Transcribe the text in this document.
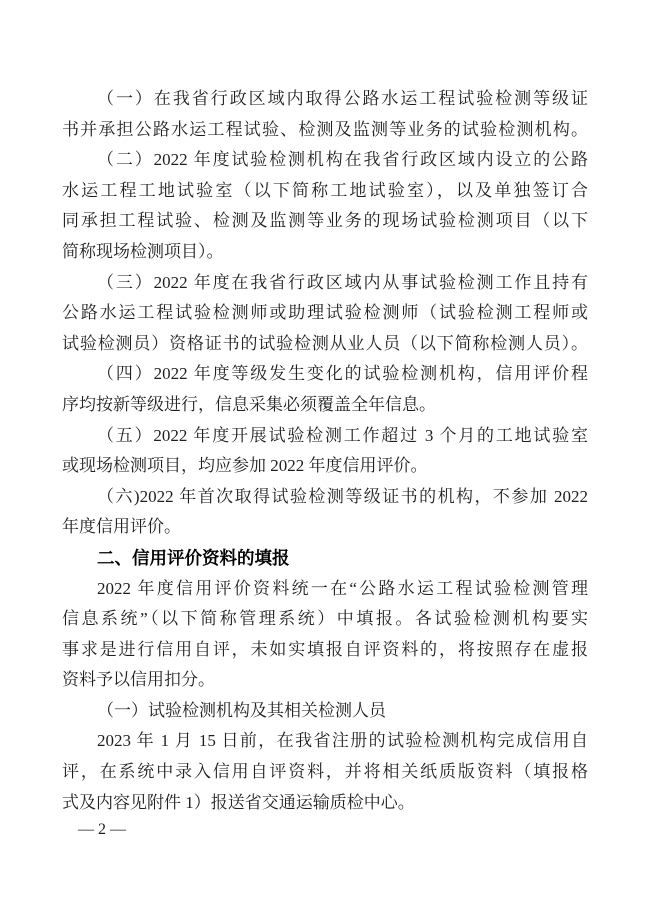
（一）在我省行政区域内取得公路水运工程试验检测等级证
书并承担公路水运工程试验、检测及监测等业务的试验检测机构。
（二）2022 年度试验检测机构在我省行政区域内设立的公路
水运工程工地试验室（以下简称工地试验室），以及单独签订合
同承担工程试验、检测及监测等业务的现场试验检测项目（以下
简称现场检测项目）。
（三）2022 年度在我省行政区域内从事试验检测工作且持有
公路水运工程试验检测师或助理试验检测师（试验检测工程师或
试验检测员）资格证书的试验检测从业人员（以下简称检测人员）。
（四）2022 年度等级发生变化的试验检测机构，信用评价程
序均按新等级进行，信息采集必须覆盖全年信息。
（五）2022 年度开展试验检测工作超过 3 个月的工地试验室
或现场检测项目，均应参加 2022 年度信用评价。
（六)2022 年首次取得试验检测等级证书的机构，不参加 2022
年度信用评价。
二、信用评价资料的填报
2022 年度信用评价资料统一在“公路水运工程试验检测管理
信息系统”（以下简称管理系统）中填报。各试验检测机构要实
事求是进行信用自评，未如实填报自评资料的，将按照存在虚报
资料予以信用扣分。
（一）试验检测机构及其相关检测人员
2023 年 1 月 15 日前，在我省注册的试验检测机构完成信用自
评，在系统中录入信用自评资料，并将相关纸质版资料（填报格
式及内容见附件 1）报送省交通运输质检中心。
— 2 —
